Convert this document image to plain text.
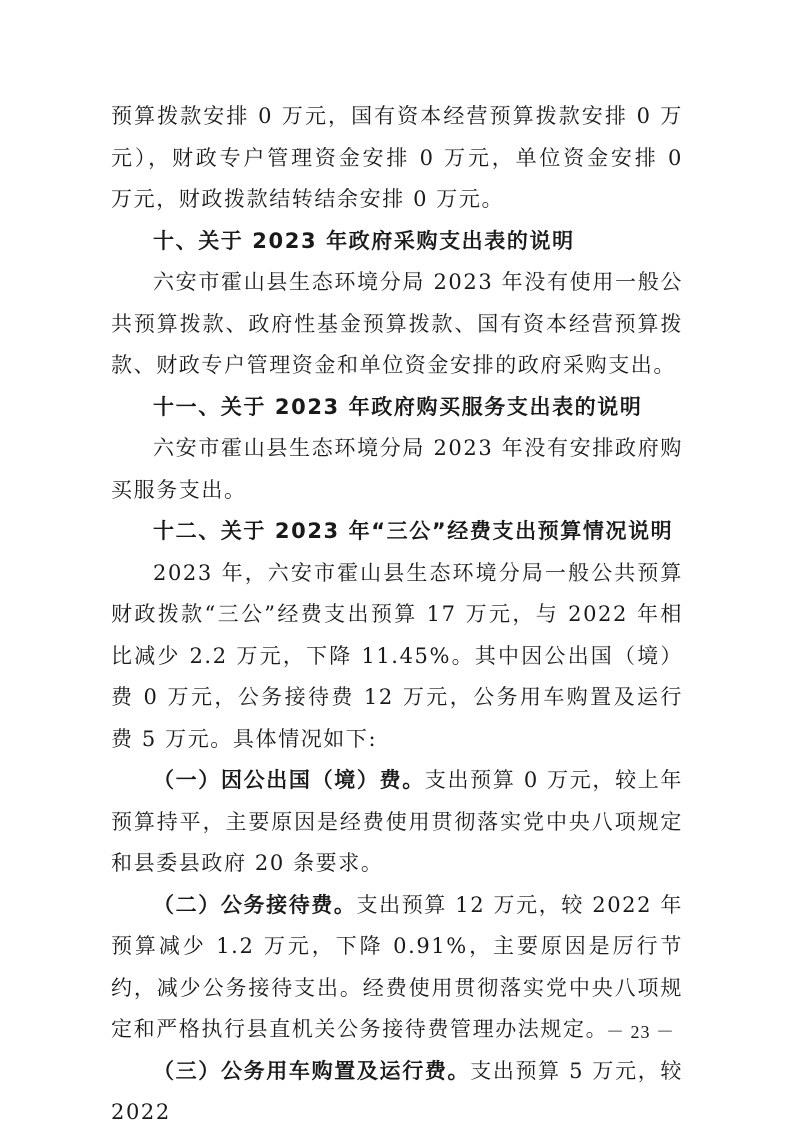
预算拨款安排 0 万元，国有资本经营预算拨款安排 0 万元），财政专户管理资金安排 0 万元，单位资金安排 0 万元，财政拨款结转结余安排 0 万元。

十、关于 2023 年政府采购支出表的说明

六安市霍山县生态环境分局 2023 年没有使用一般公共预算拨款、政府性基金预算拨款、国有资本经营预算拨款、财政专户管理资金和单位资金安排的政府采购支出。

十一、关于 2023 年政府购买服务支出表的说明

六安市霍山县生态环境分局 2023 年没有安排政府购买服务支出。

十二、关于 2023 年“三公”经费支出预算情况说明

2023 年，六安市霍山县生态环境分局一般公共预算财政拨款“三公”经费支出预算 17 万元，与 2022 年相比减少 2.2 万元，下降 11.45%。其中因公出国（境）费 0 万元，公务接待费 12 万元，公务用车购置及运行费 5 万元。具体情况如下:

（一）因公出国（境）费。支出预算 0 万元，较上年预算持平，主要原因是经费使用贯彻落实党中央八项规定和县委县政府 20 条要求。

（二）公务接待费。支出预算 12 万元，较 2022 年预算减少 1.2 万元，下降 0.91%，主要原因是厉行节约，减少公务接待支出。经费使用贯彻落实党中央八项规定和严格执行县直机关公务接待费管理办法规定。

（三）公务用车购置及运行费。支出预算 5 万元，较 2022

－ 23 －
